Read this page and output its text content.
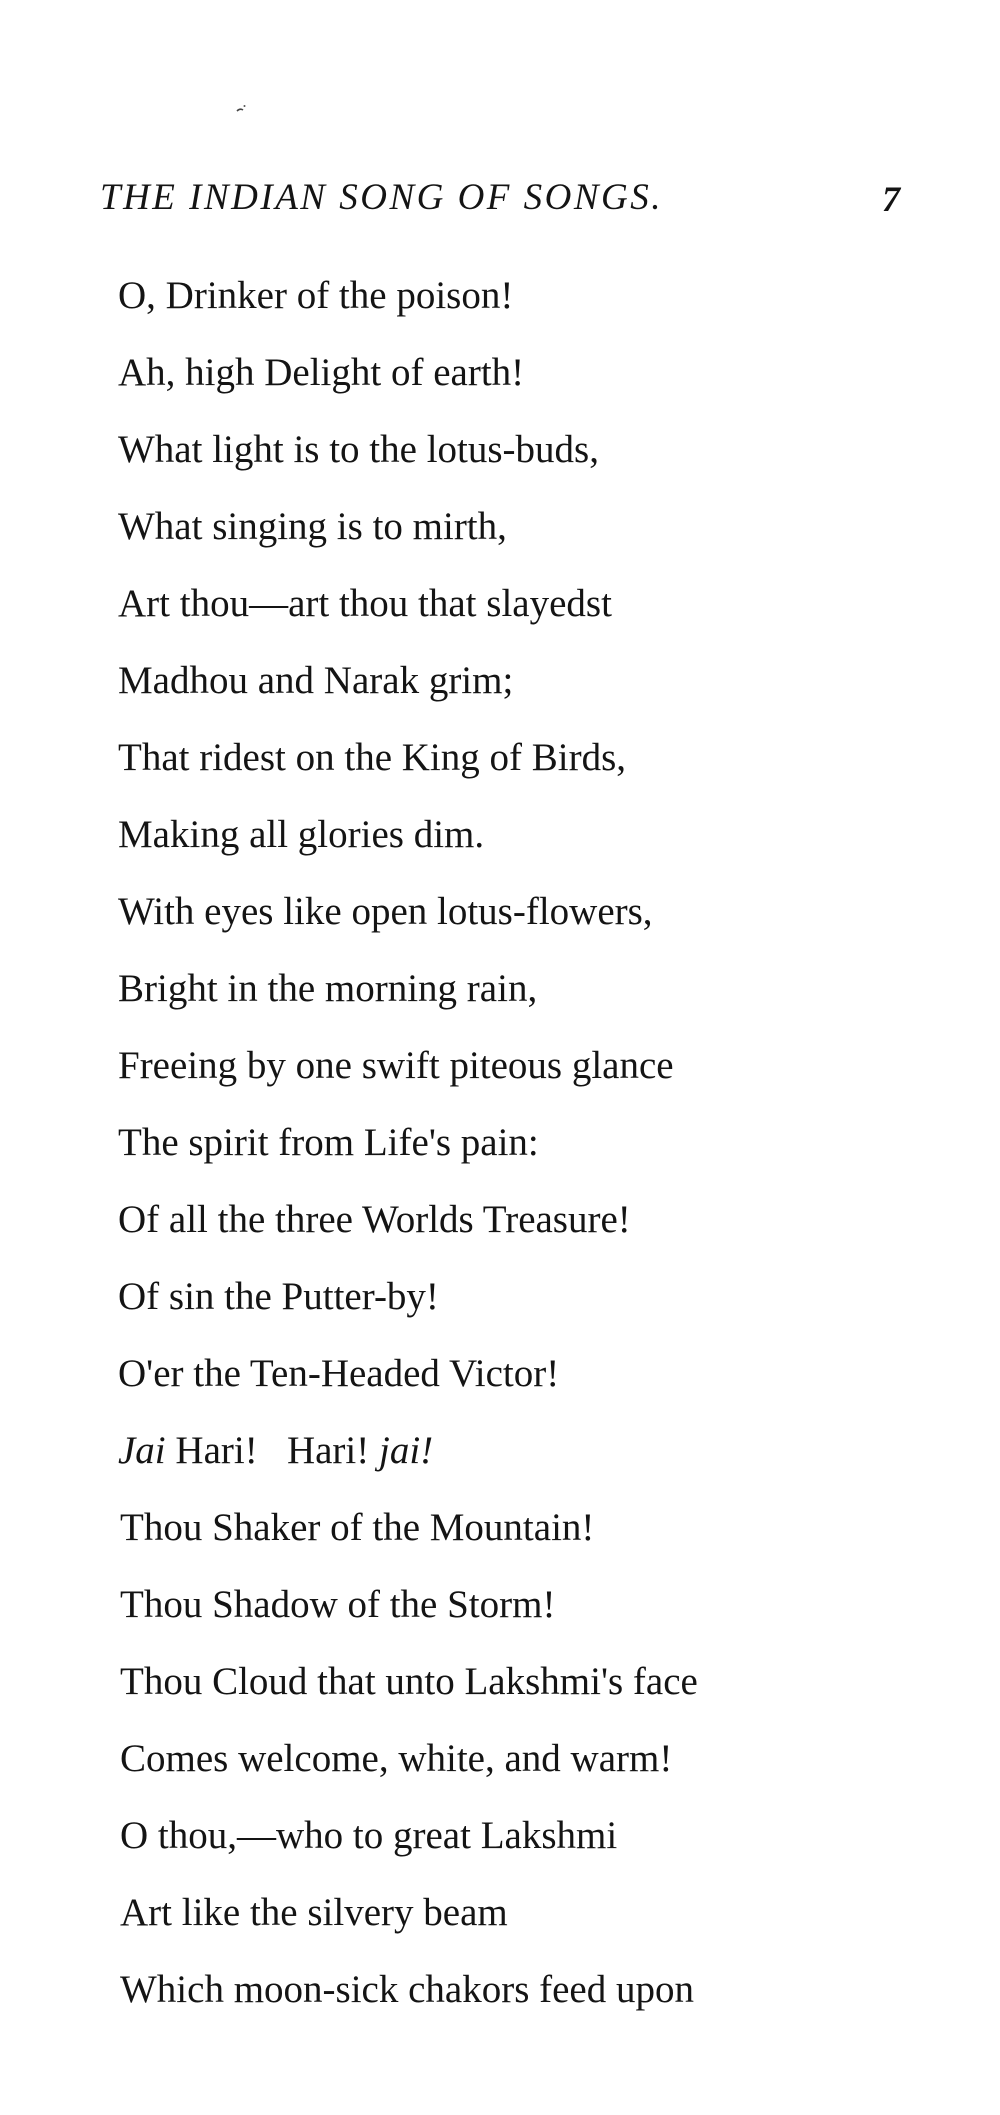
THE INDIAN SONG OF SONGS.	7
O, Drinker of the poison!
Ah, high Delight of earth!
What light is to the lotus-buds,
What singing is to mirth,
Art thou—art thou that slayedst
Madhou and Narak grim;
That ridest on the King of Birds,
Making all glories dim.
With eyes like open lotus-flowers,
Bright in the morning rain,
Freeing by one swift piteous glance
The spirit from Life's pain:
Of all the three Worlds Treasure!
Of sin the Putter-by!
O'er the Ten-Headed Victor!
Jai Hari!   Hari! jai!
Thou Shaker of the Mountain!
Thou Shadow of the Storm!
Thou Cloud that unto Lakshmi's face
Comes welcome, white, and warm!
O thou,—who to great Lakshmi
Art like the silvery beam
Which moon-sick chakors feed upon
